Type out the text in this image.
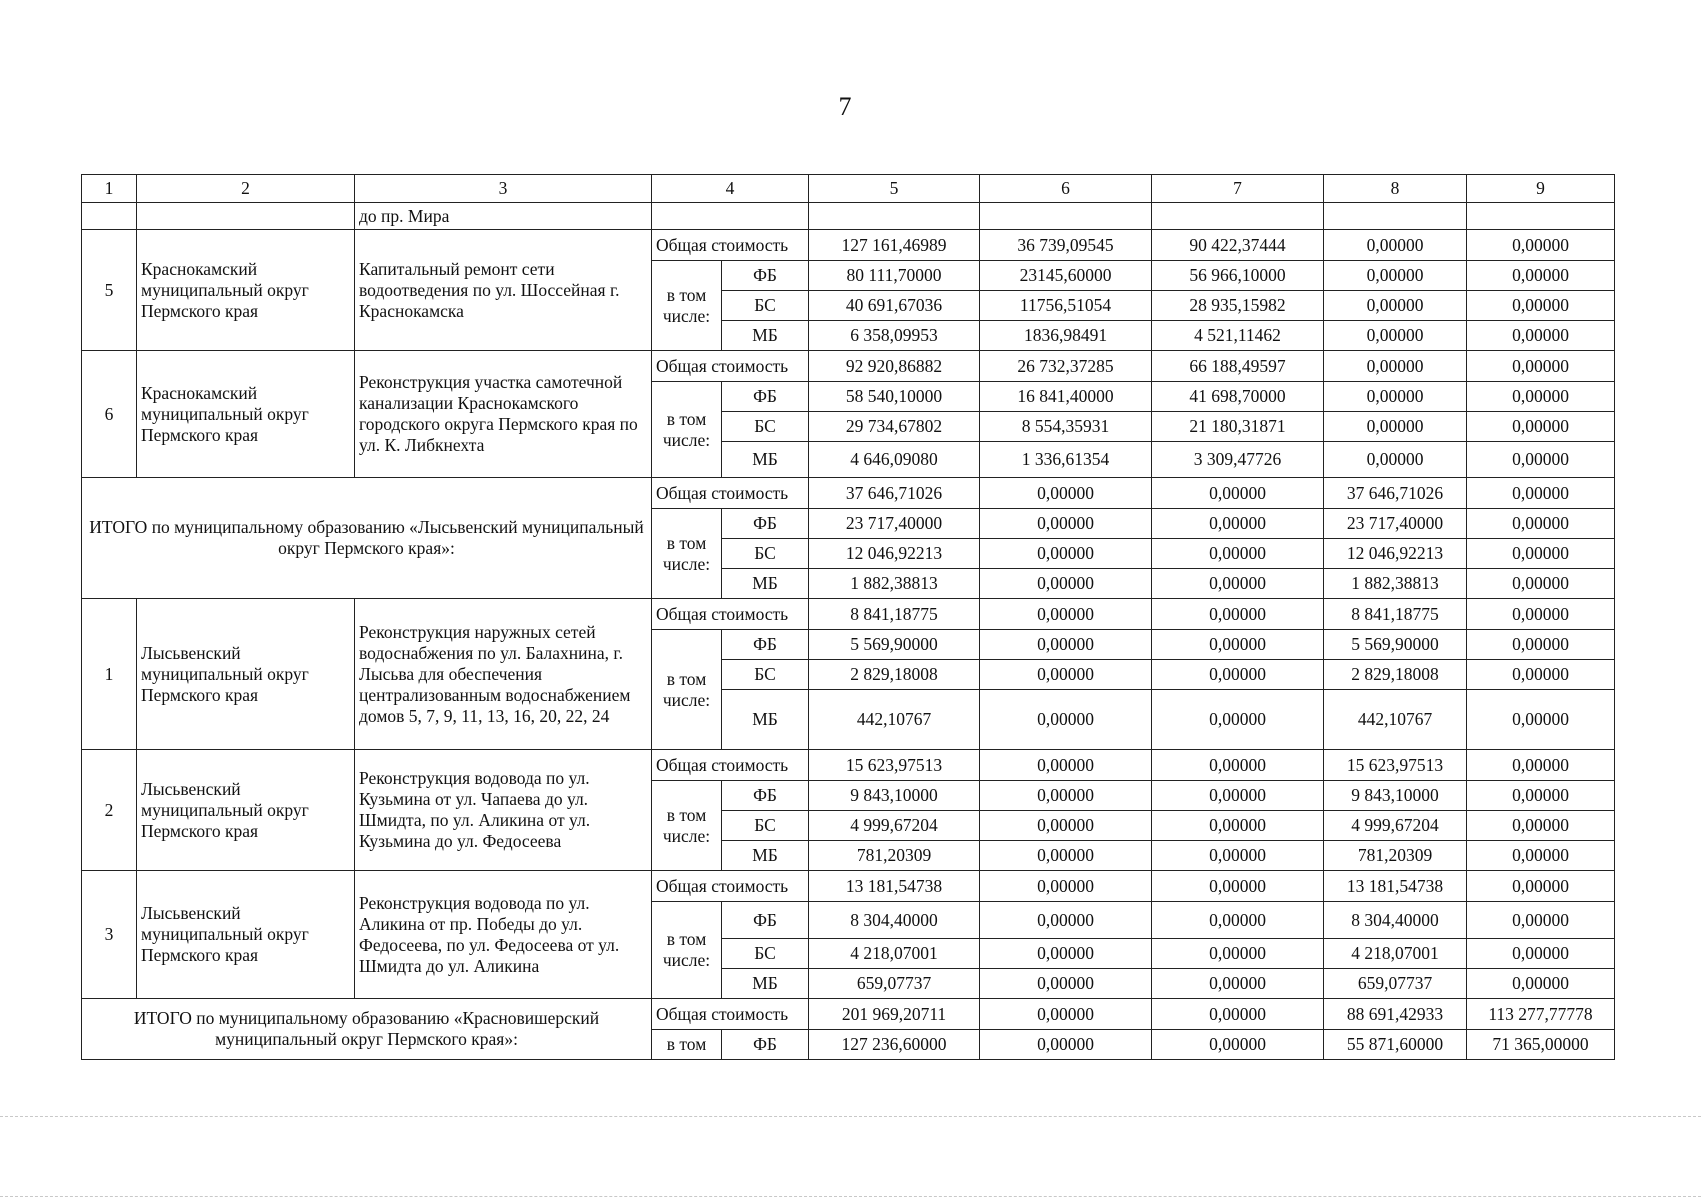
7
1	2	3	4		5	6	7	8	9
		до пр. Мира							
5	Краснокамский муниципальный округ Пермского края	Капитальный ремонт сети водоотведения по ул. Шоссейная г. Краснокамска	Общая стоимость		127 161,46989	36 739,09545	90 422,37444	0,00000	0,00000
			в том числе:	ФБ	80 111,70000	23145,60000	56 966,10000	0,00000	0,00000
				БС	40 691,67036	11756,51054	28 935,15982	0,00000	0,00000
				МБ	6 358,09953	1836,98491	4 521,11462	0,00000	0,00000
6	Краснокамский муниципальный округ Пермского края	Реконструкция участка самотечной канализации Краснокамского городского округа Пермского края по ул. К. Либкнехта	Общая стоимость		92 920,86882	26 732,37285	66 188,49597	0,00000	0,00000
			в том числе:	ФБ	58 540,10000	16 841,40000	41 698,70000	0,00000	0,00000
				БС	29 734,67802	8 554,35931	21 180,31871	0,00000	0,00000
				МБ	4 646,09080	1 336,61354	3 309,47726	0,00000	0,00000
ИТОГО по муниципальному образованию «Лысьвенский муниципальный округ Пермского края»:			Общая стоимость		37 646,71026	0,00000	0,00000	37 646,71026	0,00000
			в том числе:	ФБ	23 717,40000	0,00000	0,00000	23 717,40000	0,00000
				БС	12 046,92213	0,00000	0,00000	12 046,92213	0,00000
				МБ	1 882,38813	0,00000	0,00000	1 882,38813	0,00000
1	Лысьвенский муниципальный округ Пермского края	Реконструкция наружных сетей водоснабжения по ул. Балахнина, г. Лысьва для обеспечения централизованным водоснабжением домов 5, 7, 9, 11, 13, 16, 20, 22, 24	Общая стоимость		8 841,18775	0,00000	0,00000	8 841,18775	0,00000
			в том числе:	ФБ	5 569,90000	0,00000	0,00000	5 569,90000	0,00000
				БС	2 829,18008	0,00000	0,00000	2 829,18008	0,00000
				МБ	442,10767	0,00000	0,00000	442,10767	0,00000
2	Лысьвенский муниципальный округ Пермского края	Реконструкция водовода по ул. Кузьмина от ул. Чапаева до ул. Шмидта, по ул. Аликина от ул. Кузьмина до ул. Федосеева	Общая стоимость		15 623,97513	0,00000	0,00000	15 623,97513	0,00000
			в том числе:	ФБ	9 843,10000	0,00000	0,00000	9 843,10000	0,00000
				БС	4 999,67204	0,00000	0,00000	4 999,67204	0,00000
				МБ	781,20309	0,00000	0,00000	781,20309	0,00000
3	Лысьвенский муниципальный округ Пермского края	Реконструкция водовода по ул. Аликина от пр. Победы до ул. Федосеева, по ул. Федосеева от ул. Шмидта до ул. Аликина	Общая стоимость		13 181,54738	0,00000	0,00000	13 181,54738	0,00000
			в том числе:	ФБ	8 304,40000	0,00000	0,00000	8 304,40000	0,00000
				БС	4 218,07001	0,00000	0,00000	4 218,07001	0,00000
				МБ	659,07737	0,00000	0,00000	659,07737	0,00000
ИТОГО по муниципальному образованию «Красновишерский муниципальный округ Пермского края»:			Общая стоимость		201 969,20711	0,00000	0,00000	88 691,42933	113 277,77778
			в том	ФБ	127 236,60000	0,00000	0,00000	55 871,60000	71 365,00000
